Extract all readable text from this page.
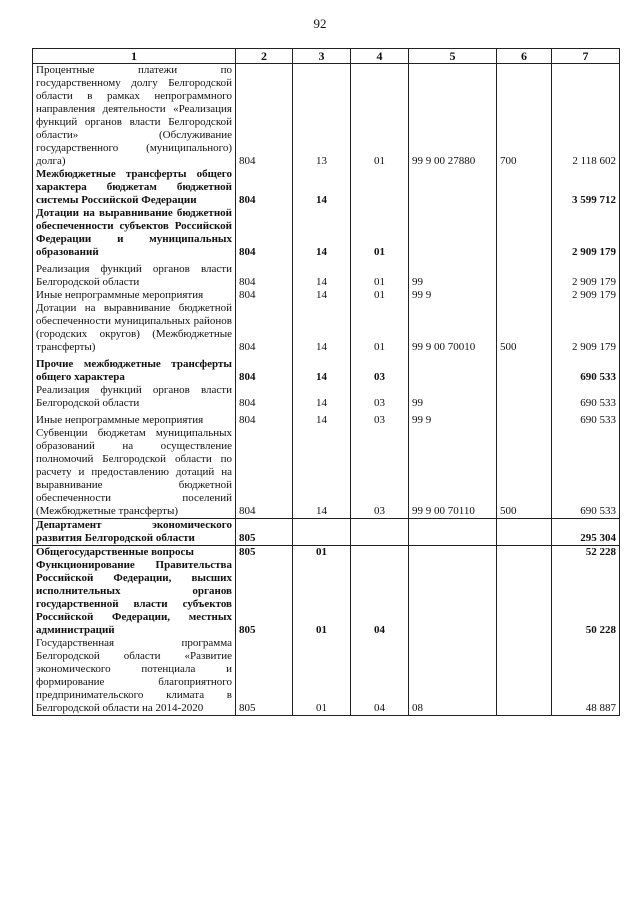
92
1	2	3	4	5	6	7
Процентные платежи по государственному долгу Белгородской области в рамках непрограммного направления деятельности «Реализация функций органов власти Белгородской области» (Обслуживание государственного (муниципального) долга)	804	13	01	99 9 00 27880	700	2 118 602
Межбюджетные трансферты общего характера бюджетам бюджетной системы Российской Федерации	804	14				3 599 712
Дотации на выравнивание бюджетной обеспеченности субъектов Российской Федерации и муниципальных образований	804	14	01			2 909 179
Реализация функций органов власти Белгородской области	804	14	01	99		2 909 179
Иные непрограммные мероприятия	804	14	01	99 9		2 909 179
Дотации на выравнивание бюджетной обеспеченности муниципальных районов (городских округов) (Межбюджетные трансферты)	804	14	01	99 9 00 70010	500	2 909 179
Прочие межбюджетные трансферты общего характера	804	14	03			690 533
Реализация функций органов власти Белгородской области	804	14	03	99		690 533
Иные непрограммные мероприятия	804	14	03	99 9		690 533
Субвенции бюджетам муниципальных образований на осуществление полномочий Белгородской области по расчету и предоставлению дотаций на выравнивание бюджетной обеспеченности поселений (Межбюджетные трансферты)	804	14	03	99 9 00 70110	500	690 533
Департамент экономического развития Белгородской области	805					295 304
Общегосударственные вопросы	805	01				52 228
Функционирование Правительства Российской Федерации, высших исполнительных органов государственной власти субъектов Российской Федерации, местных администраций	805	01	04			50 228
Государственная программа Белгородской области «Развитие экономического потенциала и формирование благоприятного предпринимательского климата в Белгородской области на 2014-2020	805	01	04	08		48 887
